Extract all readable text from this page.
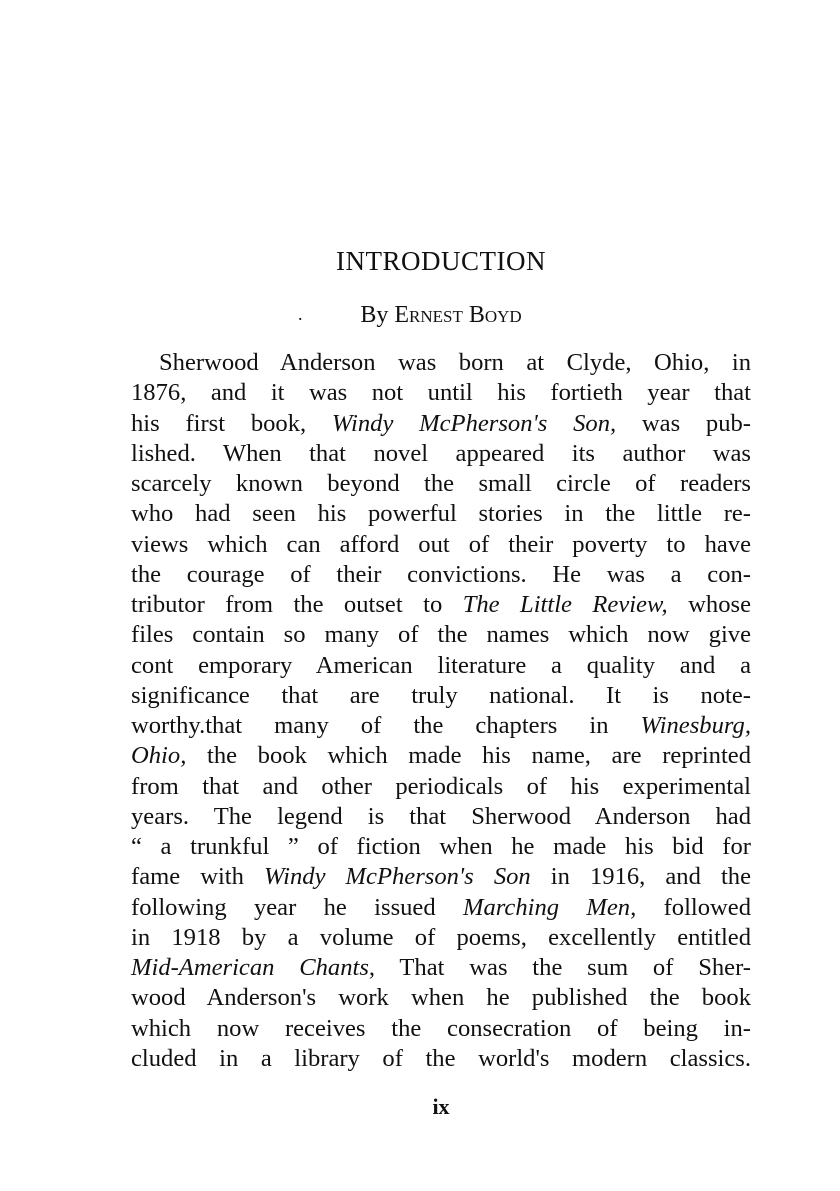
INTRODUCTION
. By Ernest Boyd
Sherwood Anderson was born at Clyde, Ohio, in
1876, and it was not until his fortieth year that
his first book, Windy McPherson's Son, was pub-
lished. When that novel appeared its author was
scarcely known beyond the small circle of readers
who had seen his powerful stories in the little re-
views which can afford out of their poverty to have
the courage of their convictions. He was a con-
tributor from the outset to The Little Review, whose
files contain so many of the names which now give
cont emporary American literature a quality and a
significance that are truly national. It is note-
worthy.that many of the chapters in Winesburg,
Ohio, the book which made his name, are reprinted
from that and other periodicals of his experimental
years. The legend is that Sherwood Anderson had
“ a trunkful ” of fiction when he made his bid for
fame with Windy McPherson's Son in 1916, and the
following year he issued Marching Men, followed
in 1918 by a volume of poems, excellently entitled
Mid-American Chants, That was the sum of Sher-
wood Anderson's work when he published the book
which now receives the consecration of being in-
cluded in a library of the world's modern classics.
ix
